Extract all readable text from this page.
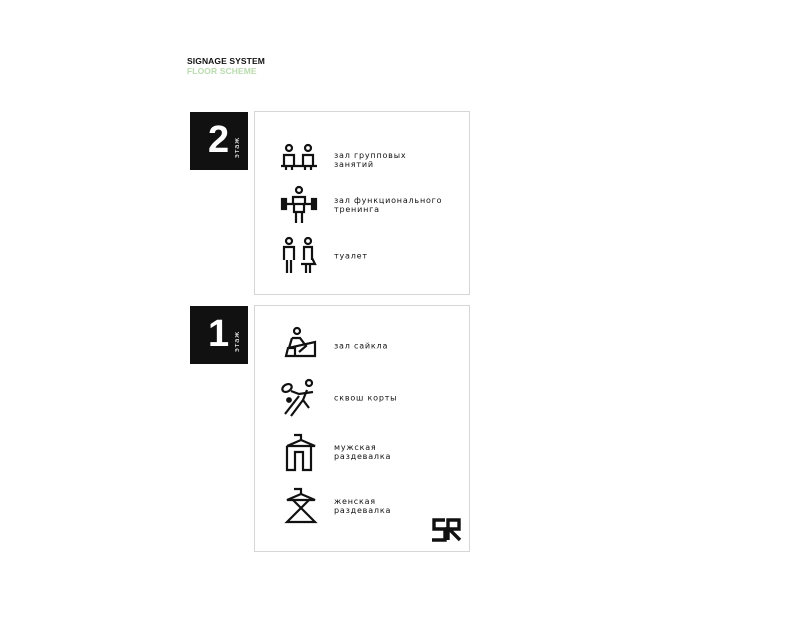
SIGNAGE SYSTEM
FLOOR SCHEME
2 этаж	зал групповых
занятий
зал функционального
тренинга
туалет
1 этаж	зал сайкла
сквош корты
мужская
раздевалка
женская
раздевалка
